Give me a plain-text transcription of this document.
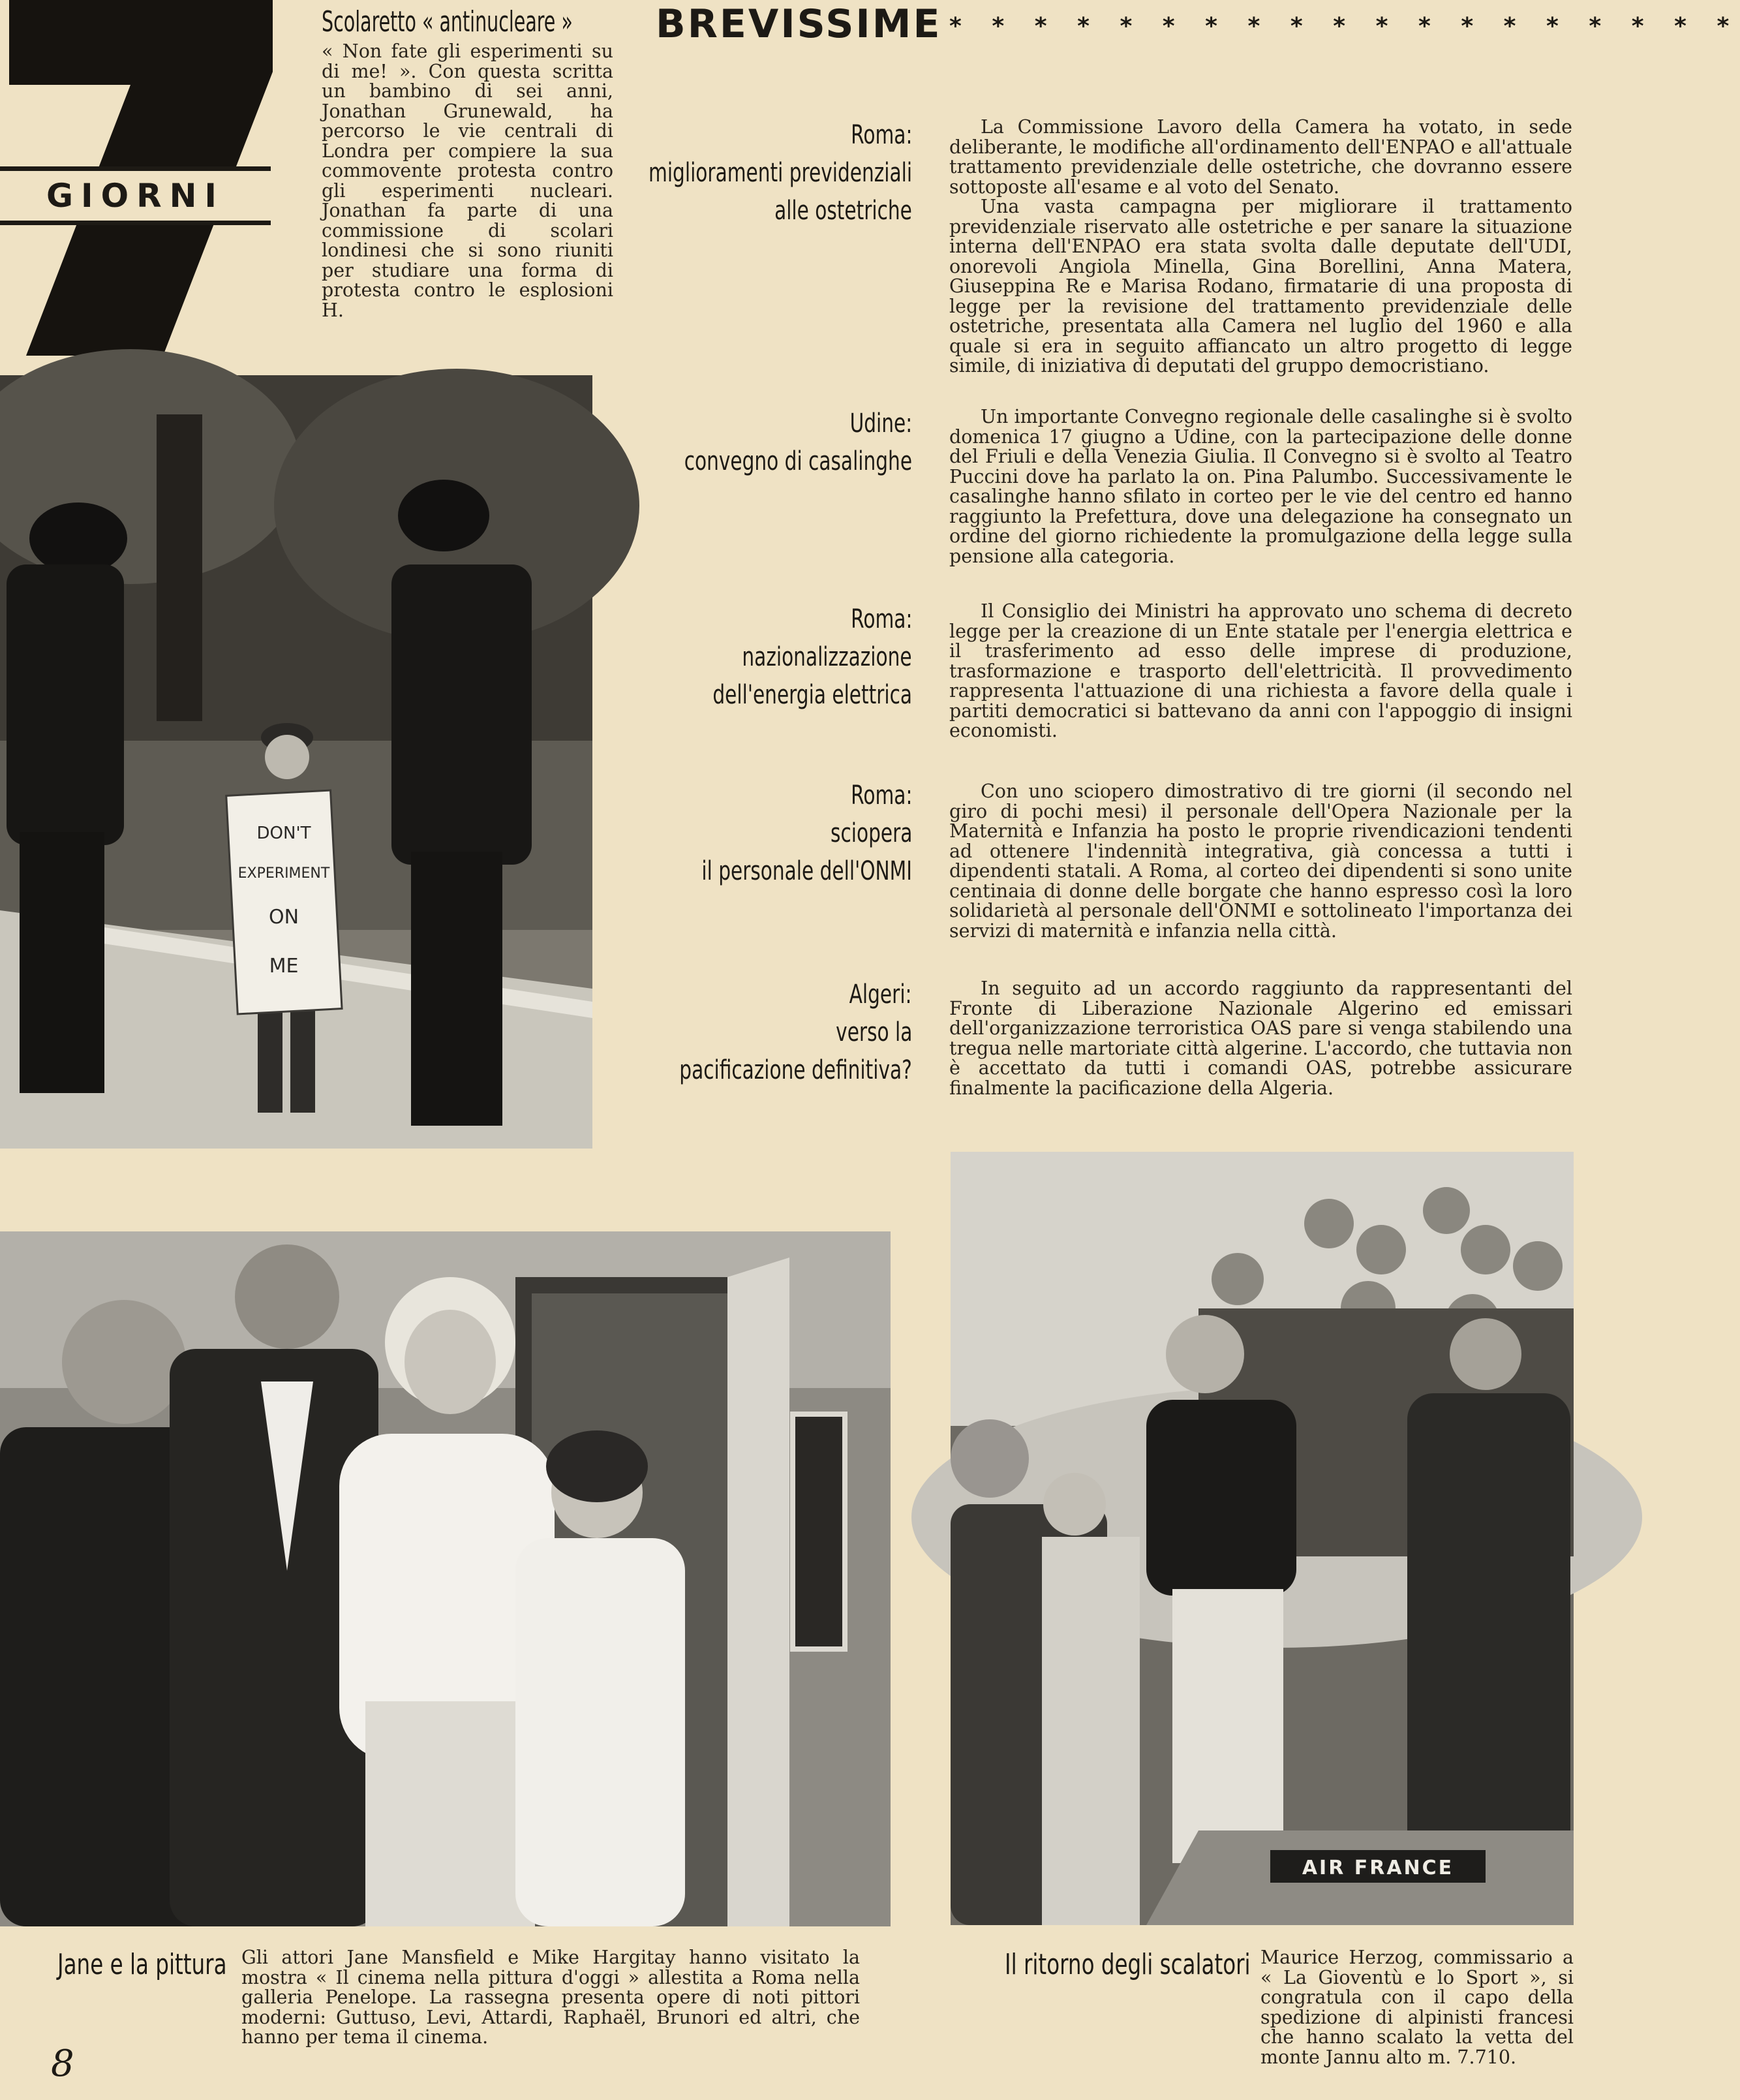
GIORNI
Scolaretto « antinucleare »
« Non fate gli esperimenti su di me! ». Con questa scritta un bambino di sei anni, Jonathan Grunewald, ha percorso le vie centrali di Londra per compiere la sua commovente protesta contro gli esperimenti nucleari. Jonathan fa parte di una commissione di scolari londinesi che si sono riuniti per studiare una forma di protesta contro le esplosioni H.
BREVISSIME * * * * * * * * * * * * * * * * * * *
Roma:
miglioramenti previdenziali
alle ostetriche

La Commissione Lavoro della Camera ha votato, in sede deliberante, le modifiche all'ordinamento dell'ENPAO e all'attuale trattamento previdenziale delle ostetriche, che dovranno essere sottoposte all'esame e al voto del Senato.

Una vasta campagna per migliorare il trattamento previdenziale riservato alle ostetriche e per sanare la situazione interna dell'ENPAO era stata svolta dalle deputate dell'UDI, onorevoli Angiola Minella, Gina Borellini, Anna Matera, Giuseppina Re e Marisa Rodano, firmatarie di una proposta di legge per la revisione del trattamento previdenziale delle ostetriche, presentata alla Camera nel luglio del 1960 e alla quale si era in seguito affiancato un altro progetto di legge simile, di iniziativa di deputati del gruppo democristiano.

Udine:
convegno di casalinghe

Un importante Convegno regionale delle casalinghe si è svolto domenica 17 giugno a Udine, con la partecipazione delle donne del Friuli e della Venezia Giulia. Il Convegno si è svolto al Teatro Puccini dove ha parlato la on. Pina Palumbo. Successivamente le casalinghe hanno sfilato in corteo per le vie del centro ed hanno raggiunto la Prefettura, dove una delegazione ha consegnato un ordine del giorno richiedente la promulgazione della legge sulla pensione alla categoria.

Roma:
nazionalizzazione
dell'energia elettrica

Il Consiglio dei Ministri ha approvato uno schema di decreto legge per la creazione di un Ente statale per l'energia elettrica e il trasferimento ad esso delle imprese di produzione, trasformazione e trasporto dell'elettricità. Il provvedimento rappresenta l'attuazione di una richiesta a favore della quale i partiti democratici si battevano da anni con l'appoggio di insigni economisti.

Roma:
sciopera
il personale dell'ONMI

Con uno sciopero dimostrativo di tre giorni (il secondo nel giro di pochi mesi) il personale dell'Opera Nazionale per la Maternità e Infanzia ha posto le proprie rivendicazioni tendenti ad ottenere l'indennità integrativa, già concessa a tutti i dipendenti statali. A Roma, al corteo dei dipendenti si sono unite centinaia di donne delle borgate che hanno espresso così la loro solidarietà al personale dell'ONMI e sottolineato l'importanza dei servizi di maternità e infanzia nella città.

Algeri:
verso la
pacificazione definitiva?

In seguito ad un accordo raggiunto da rappresentanti del Fronte di Liberazione Nazionale Algerino ed emissari dell'organizzazione terroristica OAS pare si venga stabilendo una tregua nelle martoriate città algerine. L'accordo, che tuttavia non è accettato da tutti i comandi OAS, potrebbe assicurare finalmente la pacificazione della Algeria.

DON'T
EXPERIMENT
ON
ME
AIR FRANCE
Jane e la pittura Gli attori Jane Mansfield e Mike Hargitay hanno visitato la mostra « Il cinema nella pittura d'oggi » allestita a Roma nella galleria Penelope. La rassegna presenta opere di noti pittori moderni: Guttuso, Levi, Attardi, Raphaël, Brunori ed altri, che hanno per tema il cinema.
Il ritorno degli scalatori Maurice Herzog, commissario a « La Gioventù e lo Sport », si congratula con il capo della spedizione di alpinisti francesi che hanno scalato la vetta del monte Jannu alto m. 7.710.
8
